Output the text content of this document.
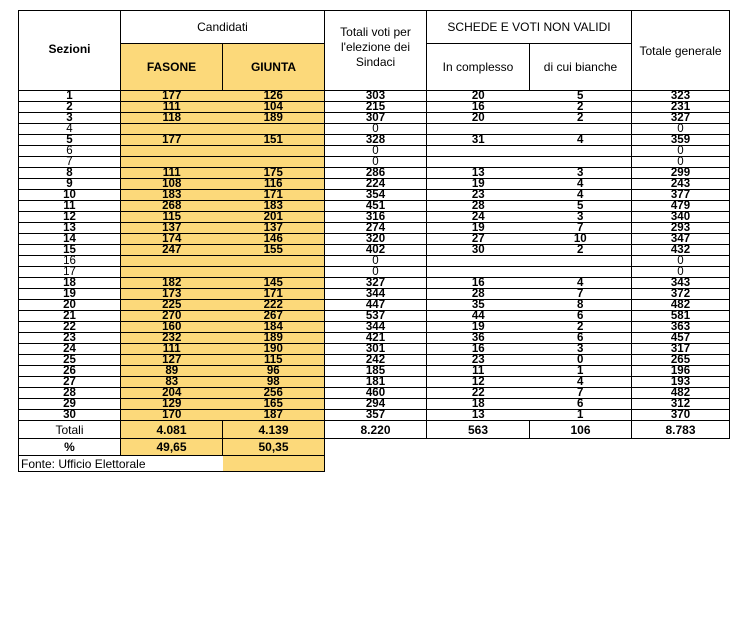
Sezioni	Candidati		Totali voti per l'elezione dei Sindaci	SCHEDE E VOTI NON VALIDI		Totale generale
	FASONE	GIUNTA		In complesso	di cui bianche	
1	177	126	303	20	5	323
2	111	104	215	16	2	231
3	118	189	307	20	2	327
4			0			0
5	177	151	328	31	4	359
6			0			0
7			0			0
8	111	175	286	13	3	299
9	108	116	224	19	4	243
10	183	171	354	23	4	377
11	268	183	451	28	5	479
12	115	201	316	24	3	340
13	137	137	274	19	7	293
14	174	146	320	27	10	347
15	247	155	402	30	2	432
16			0			0
17			0			0
18	182	145	327	16	4	343
19	173	171	344	28	7	372
20	225	222	447	35	8	482
21	270	267	537	44	6	581
22	160	184	344	19	2	363
23	232	189	421	36	6	457
24	111	190	301	16	3	317
25	127	115	242	23	0	265
26	89	96	185	11	1	196
27	83	98	181	12	4	193
28	204	256	460	22	7	482
29	129	165	294	18	6	312
30	170	187	357	13	1	370
Totali	4.081	4.139	8.220	563	106	8.783
%	49,65	50,35				
Fonte: Ufficio Elettorale						
